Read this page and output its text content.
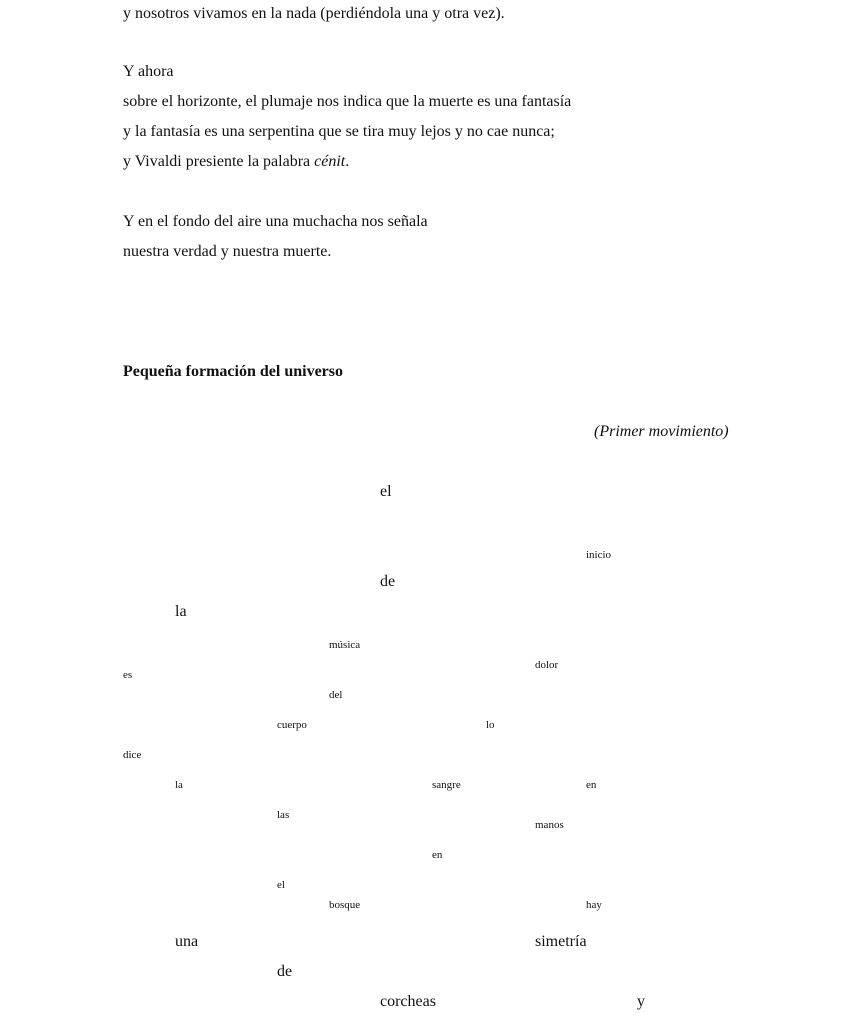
y nosotros vivamos en la nada (perdiéndola una y otra vez).
Y ahora
sobre el horizonte, el plumaje nos indica que la muerte es una fantasía
y la fantasía es una serpentina que se tira muy lejos y no cae nunca;
y Vivaldi presiente la palabra cénit.
Y en el fondo del aire una muchacha nos señala
nuestra verdad y nuestra muerte.
Pequeña formación del universo
(Primer movimiento)
el
inicio
de
la
música
dolor
es
del
cuerpo	lo
dice
la	sangre	en
las
manos
en
el
bosque	hay
una	simetría
de
corcheas	y
